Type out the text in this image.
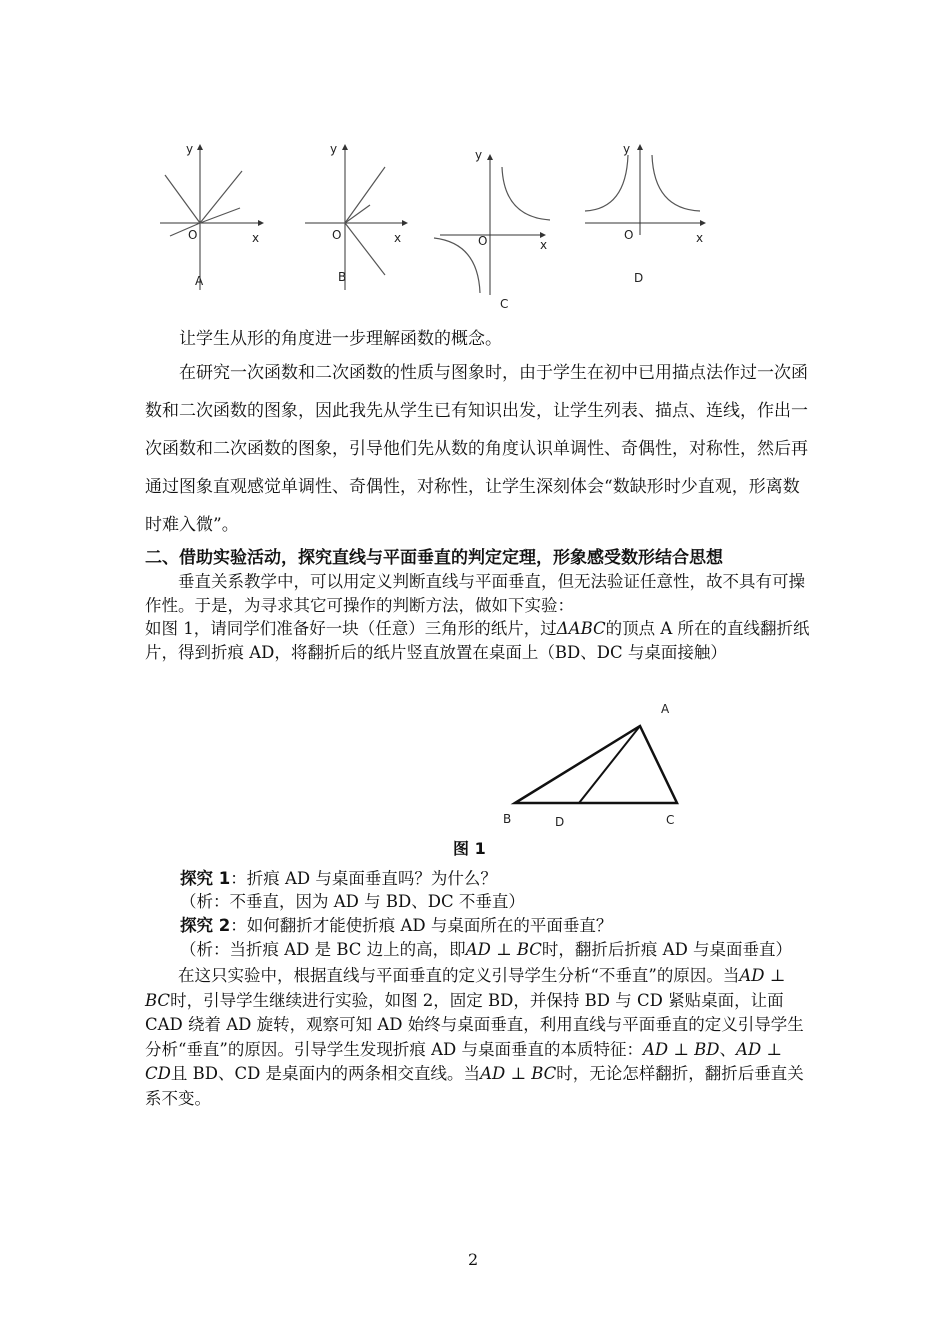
y
O	x
A
y
O	x
B
y
O	x
C
y
O	x
D

让学生从形的角度进一步理解函数的概念。

在研究一次函数和二次函数的性质与图象时，由于学生在初中已用描点法作过一次函数和二次函数的图象，因此我先从学生已有知识出发，让学生列表、描点、连线，作出一次函数和二次函数的图象，引导他们先从数的角度认识单调性、奇偶性，对称性，然后再通过图象直观感觉单调性、奇偶性，对称性，让学生深刻体会“数缺形时少直观，形离数时难入微”。

二、借助实验活动，探究直线与平面垂直的判定定理，形象感受数形结合思想

垂直关系教学中，可以用定义判断直线与平面垂直，但无法验证任意性，故不具有可操作性。于是，为寻求其它可操作的判断方法，做如下实验：

如图 1，请同学们准备好一块（任意）三角形的纸片，过ΔABC的顶点 A 所在的直线翻折纸片，得到折痕 AD，将翻折后的纸片竖直放置在桌面上（BD、DC 与桌面接触）

A
B	D	C
图 1

探究 1：折痕 AD 与桌面垂直吗？为什么？

（析：不垂直，因为 AD 与 BD、DC 不垂直）

探究 2：如何翻折才能使折痕 AD 与桌面所在的平面垂直？

（析：当折痕 AD 是 BC 边上的高，即AD ⊥ BC时，翻折后折痕 AD 与桌面垂直）

在这只实验中，根据直线与平面垂直的定义引导学生分析“不垂直”的原因。当AD ⊥ BC时，引导学生继续进行实验，如图 2，固定 BD，并保持 BD 与 CD 紧贴桌面，让面 CAD 绕着 AD 旋转，观察可知 AD 始终与桌面垂直，利用直线与平面垂直的定义引导学生分析“垂直”的原因。引导学生发现折痕 AD 与桌面垂直的本质特征：AD ⊥ BD、AD ⊥ CD且 BD、CD 是桌面内的两条相交直线。当AD ⊥ BC时，无论怎样翻折，翻折后垂直关系不变。

2
